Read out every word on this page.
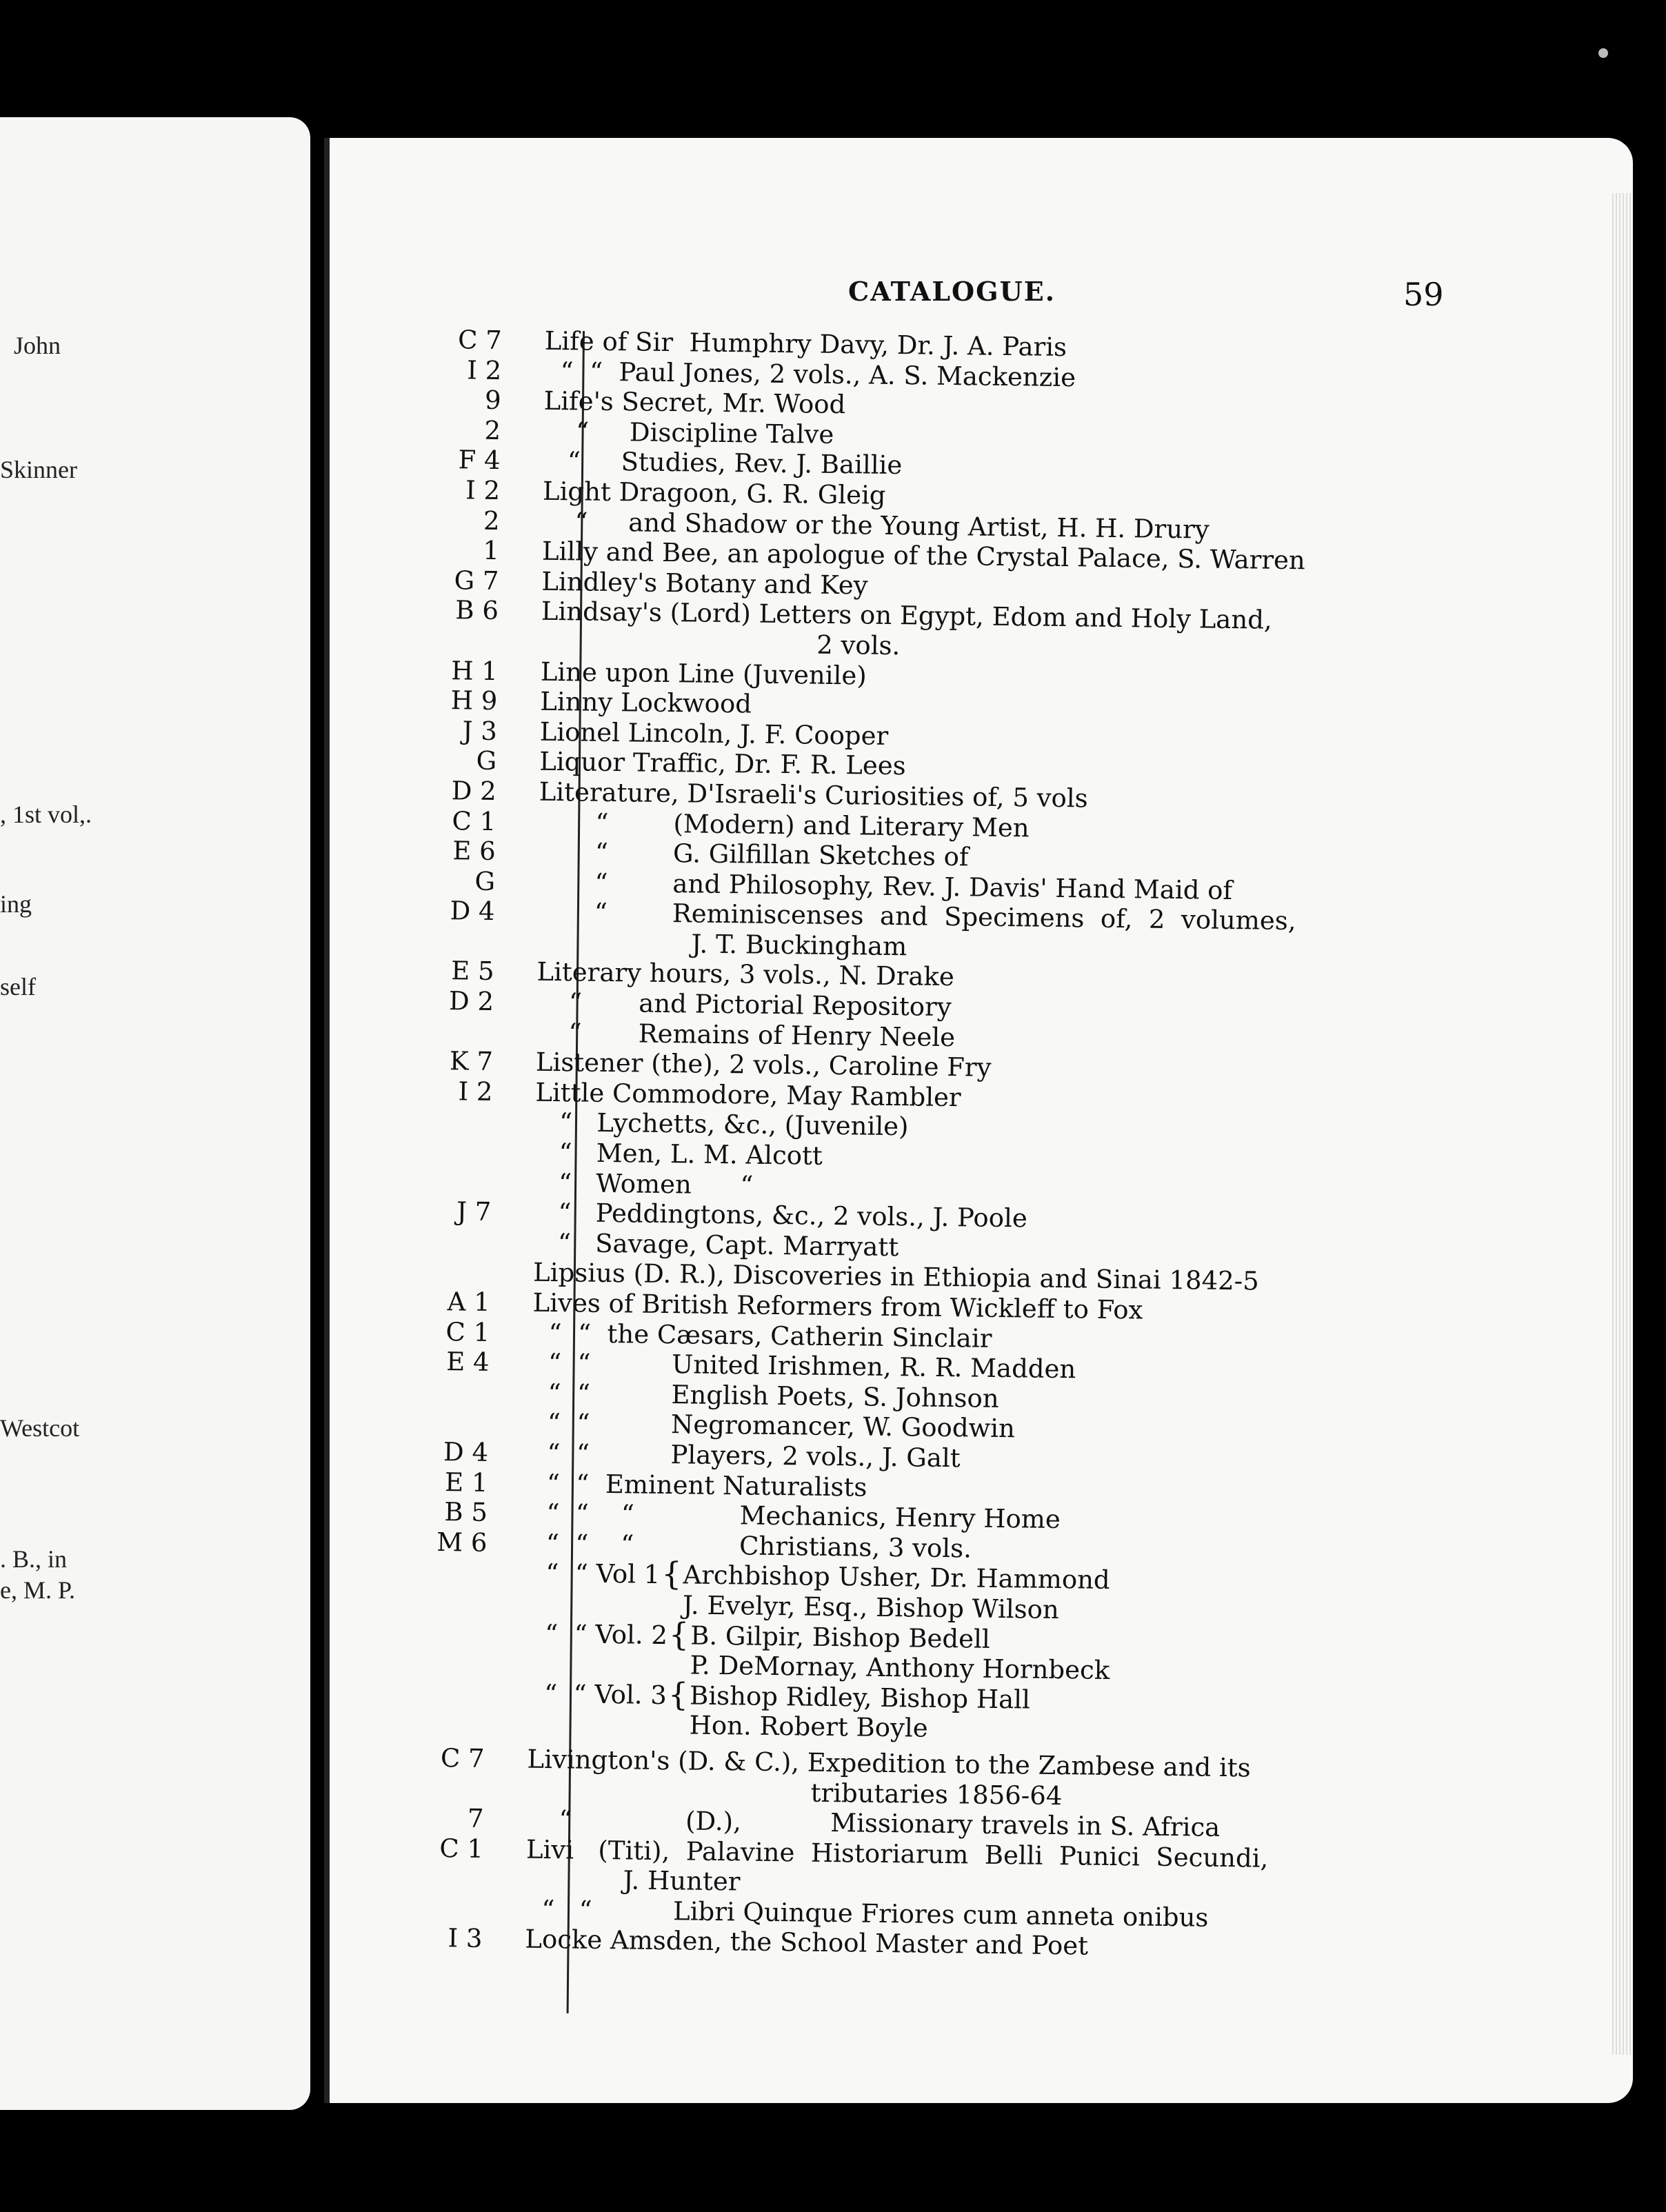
John
Skinner
, 1st vol,.
ing
self
Westcot
. B., in
e, M. P.
CATALOGUE.	59
C 7	Life of Sir  Humphry Davy, Dr. J. A. Paris
I 2	“  “  Paul Jones, 2 vols., A. S. Mackenzie
9	Life's Secret, Mr. Wood
2	“     Discipline Talve
F 4	“     Studies, Rev. J. Baillie
I 2	Light Dragoon, G. R. Gleig
2	“     and Shadow or the Young Artist, H. H. Drury
1	Lilly and Bee, an apologue of the Crystal Palace, S. Warren
G 7	Lindley's Botany and Key
B 6	Lindsay's (Lord) Letters on Egypt, Edom and Holy Land,
2 vols.
H 1	Line upon Line (Juvenile)
H 9	Linny Lockwood
J 3	Lionel Lincoln, J. F. Cooper
G	Liquor Traffic, Dr. F. R. Lees
D 2	Literature, D'Israeli's Curiosities of, 5 vols
C 1	“        (Modern) and Literary Men
E 6	“        G. Gilfillan Sketches of
G	“        and Philosophy, Rev. J. Davis' Hand Maid of
D 4	“        Reminiscenses  and  Specimens  of,  2  volumes,
J. T. Buckingham
E 5	Literary hours, 3 vols., N. Drake
D 2	“       and Pictorial Repository
“       Remains of Henry Neele
K 7	Listener (the), 2 vols., Caroline Fry
I 2	Little Commodore, May Rambler
“   Lychetts, &c., (Juvenile)
“   Men, L. M. Alcott
“   Women      “
J 7	“   Peddingtons, &c., 2 vols., J. Poole
“   Savage, Capt. Marryatt
Lipsius (D. R.), Discoveries in Ethiopia and Sinai 1842-5
A 1	Lives of British Reformers from Wickleff to Fox
C 1	“  “  the Cæsars, Catherin Sinclair
E 4	“  “          United Irishmen, R. R. Madden
“  “          English Poets, S. Johnson
“  “          Negromancer, W. Goodwin
D 4	“  “          Players, 2 vols., J. Galt
E 1	“  “  Eminent Naturalists
B 5	“  “    “             Mechanics, Henry Home
M 6	“  “    “             Christians, 3 vols.
“  “ Vol 1 { Archbishop Usher, Dr. Hammond
J. Evelyr, Esq., Bishop Wilson
“  “ Vol. 2 { B. Gilpir, Bishop Bedell
P. DeMornay, Anthony Hornbeck
“  “ Vol. 3 { Bishop Ridley, Bishop Hall
Hon. Robert Boyle
C 7	Livington's (D. & C.), Expedition to the Zambese and its
tributaries 1856-64
7	“              (D.),           Missionary travels in S. Africa
C 1	Livi   (Titi),  Palavine  Historiarum  Belli  Punici  Secundi,
J. Hunter
“   “          Libri Quinque Friores cum anneta onibus
I 3	Locke Amsden, the School Master and Poet
